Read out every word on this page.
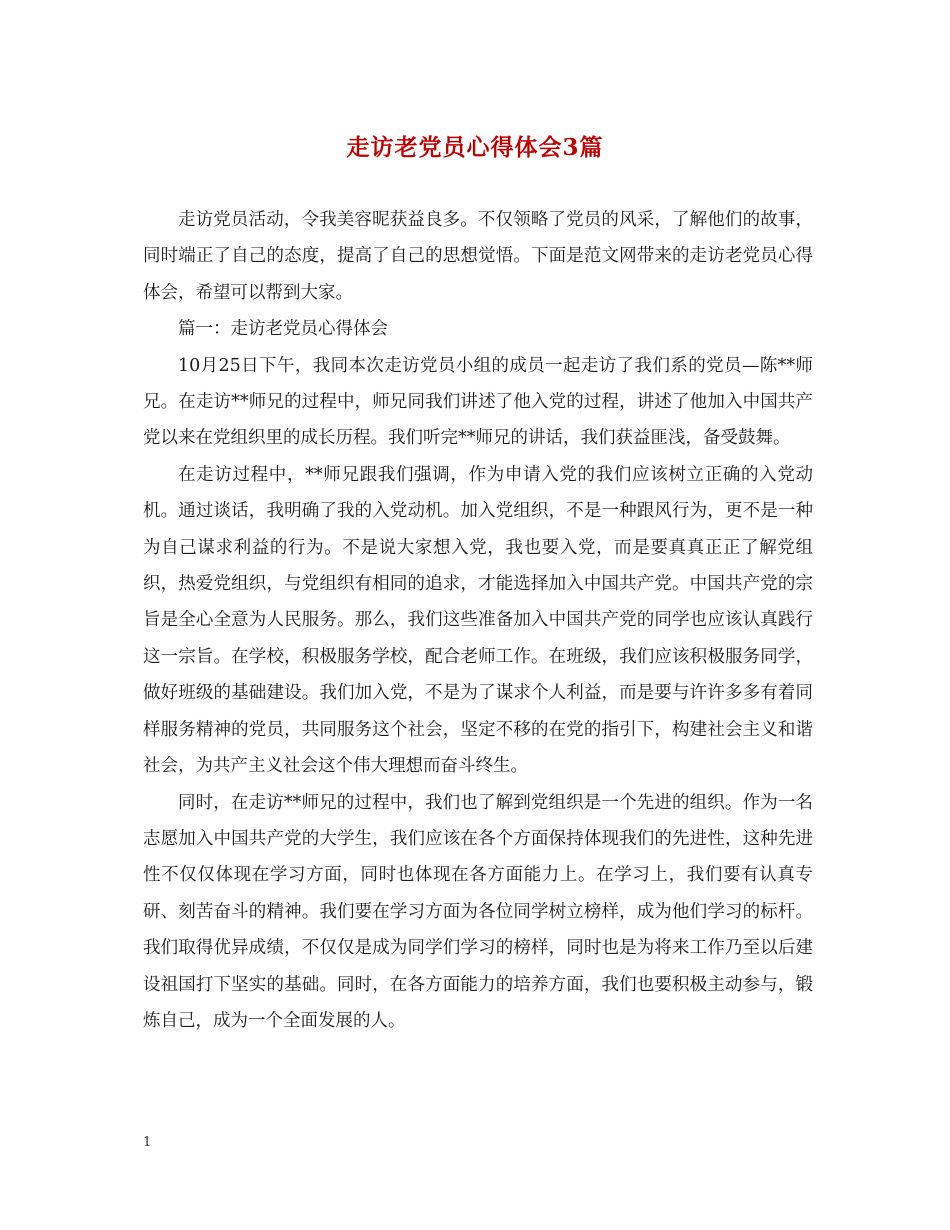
走访老党员心得体会3篇

走访党员活动，令我美容昵获益良多。不仅领略了党员的风采，了解他们的故事，同时端正了自己的态度，提高了自己的思想觉悟。下面是范文网带来的走访老党员心得体会，希望可以帮到大家。

篇一：走访老党员心得体会

10月25日下午，我同本次走访党员小组的成员一起走访了我们系的党员—陈**师兄。在走访**师兄的过程中，师兄同我们讲述了他入党的过程，讲述了他加入中国共产党以来在党组织里的成长历程。我们听完**师兄的讲话，我们获益匪浅，备受鼓舞。

在走访过程中，**师兄跟我们强调，作为申请入党的我们应该树立正确的入党动机。通过谈话，我明确了我的入党动机。加入党组织，不是一种跟风行为，更不是一种为自己谋求利益的行为。不是说大家想入党，我也要入党，而是要真真正正了解党组织，热爱党组织，与党组织有相同的追求，才能选择加入中国共产党。中国共产党的宗旨是全心全意为人民服务。那么，我们这些准备加入中国共产党的同学也应该认真践行这一宗旨。在学校，积极服务学校，配合老师工作。在班级，我们应该积极服务同学，做好班级的基础建设。我们加入党，不是为了谋求个人利益，而是要与许许多多有着同样服务精神的党员，共同服务这个社会，坚定不移的在党的指引下，构建社会主义和谐社会，为共产主义社会这个伟大理想而奋斗终生。

同时，在走访**师兄的过程中，我们也了解到党组织是一个先进的组织。作为一名志愿加入中国共产党的大学生，我们应该在各个方面保持体现我们的先进性，这种先进性不仅仅体现在学习方面，同时也体现在各方面能力上。在学习上，我们要有认真专研、刻苦奋斗的精神。我们要在学习方面为各位同学树立榜样，成为他们学习的标杆。我们取得优异成绩，不仅仅是成为同学们学习的榜样，同时也是为将来工作乃至以后建设祖国打下坚实的基础。同时，在各方面能力的培养方面，我们也要积极主动参与，锻炼自己，成为一个全面发展的人。

1
